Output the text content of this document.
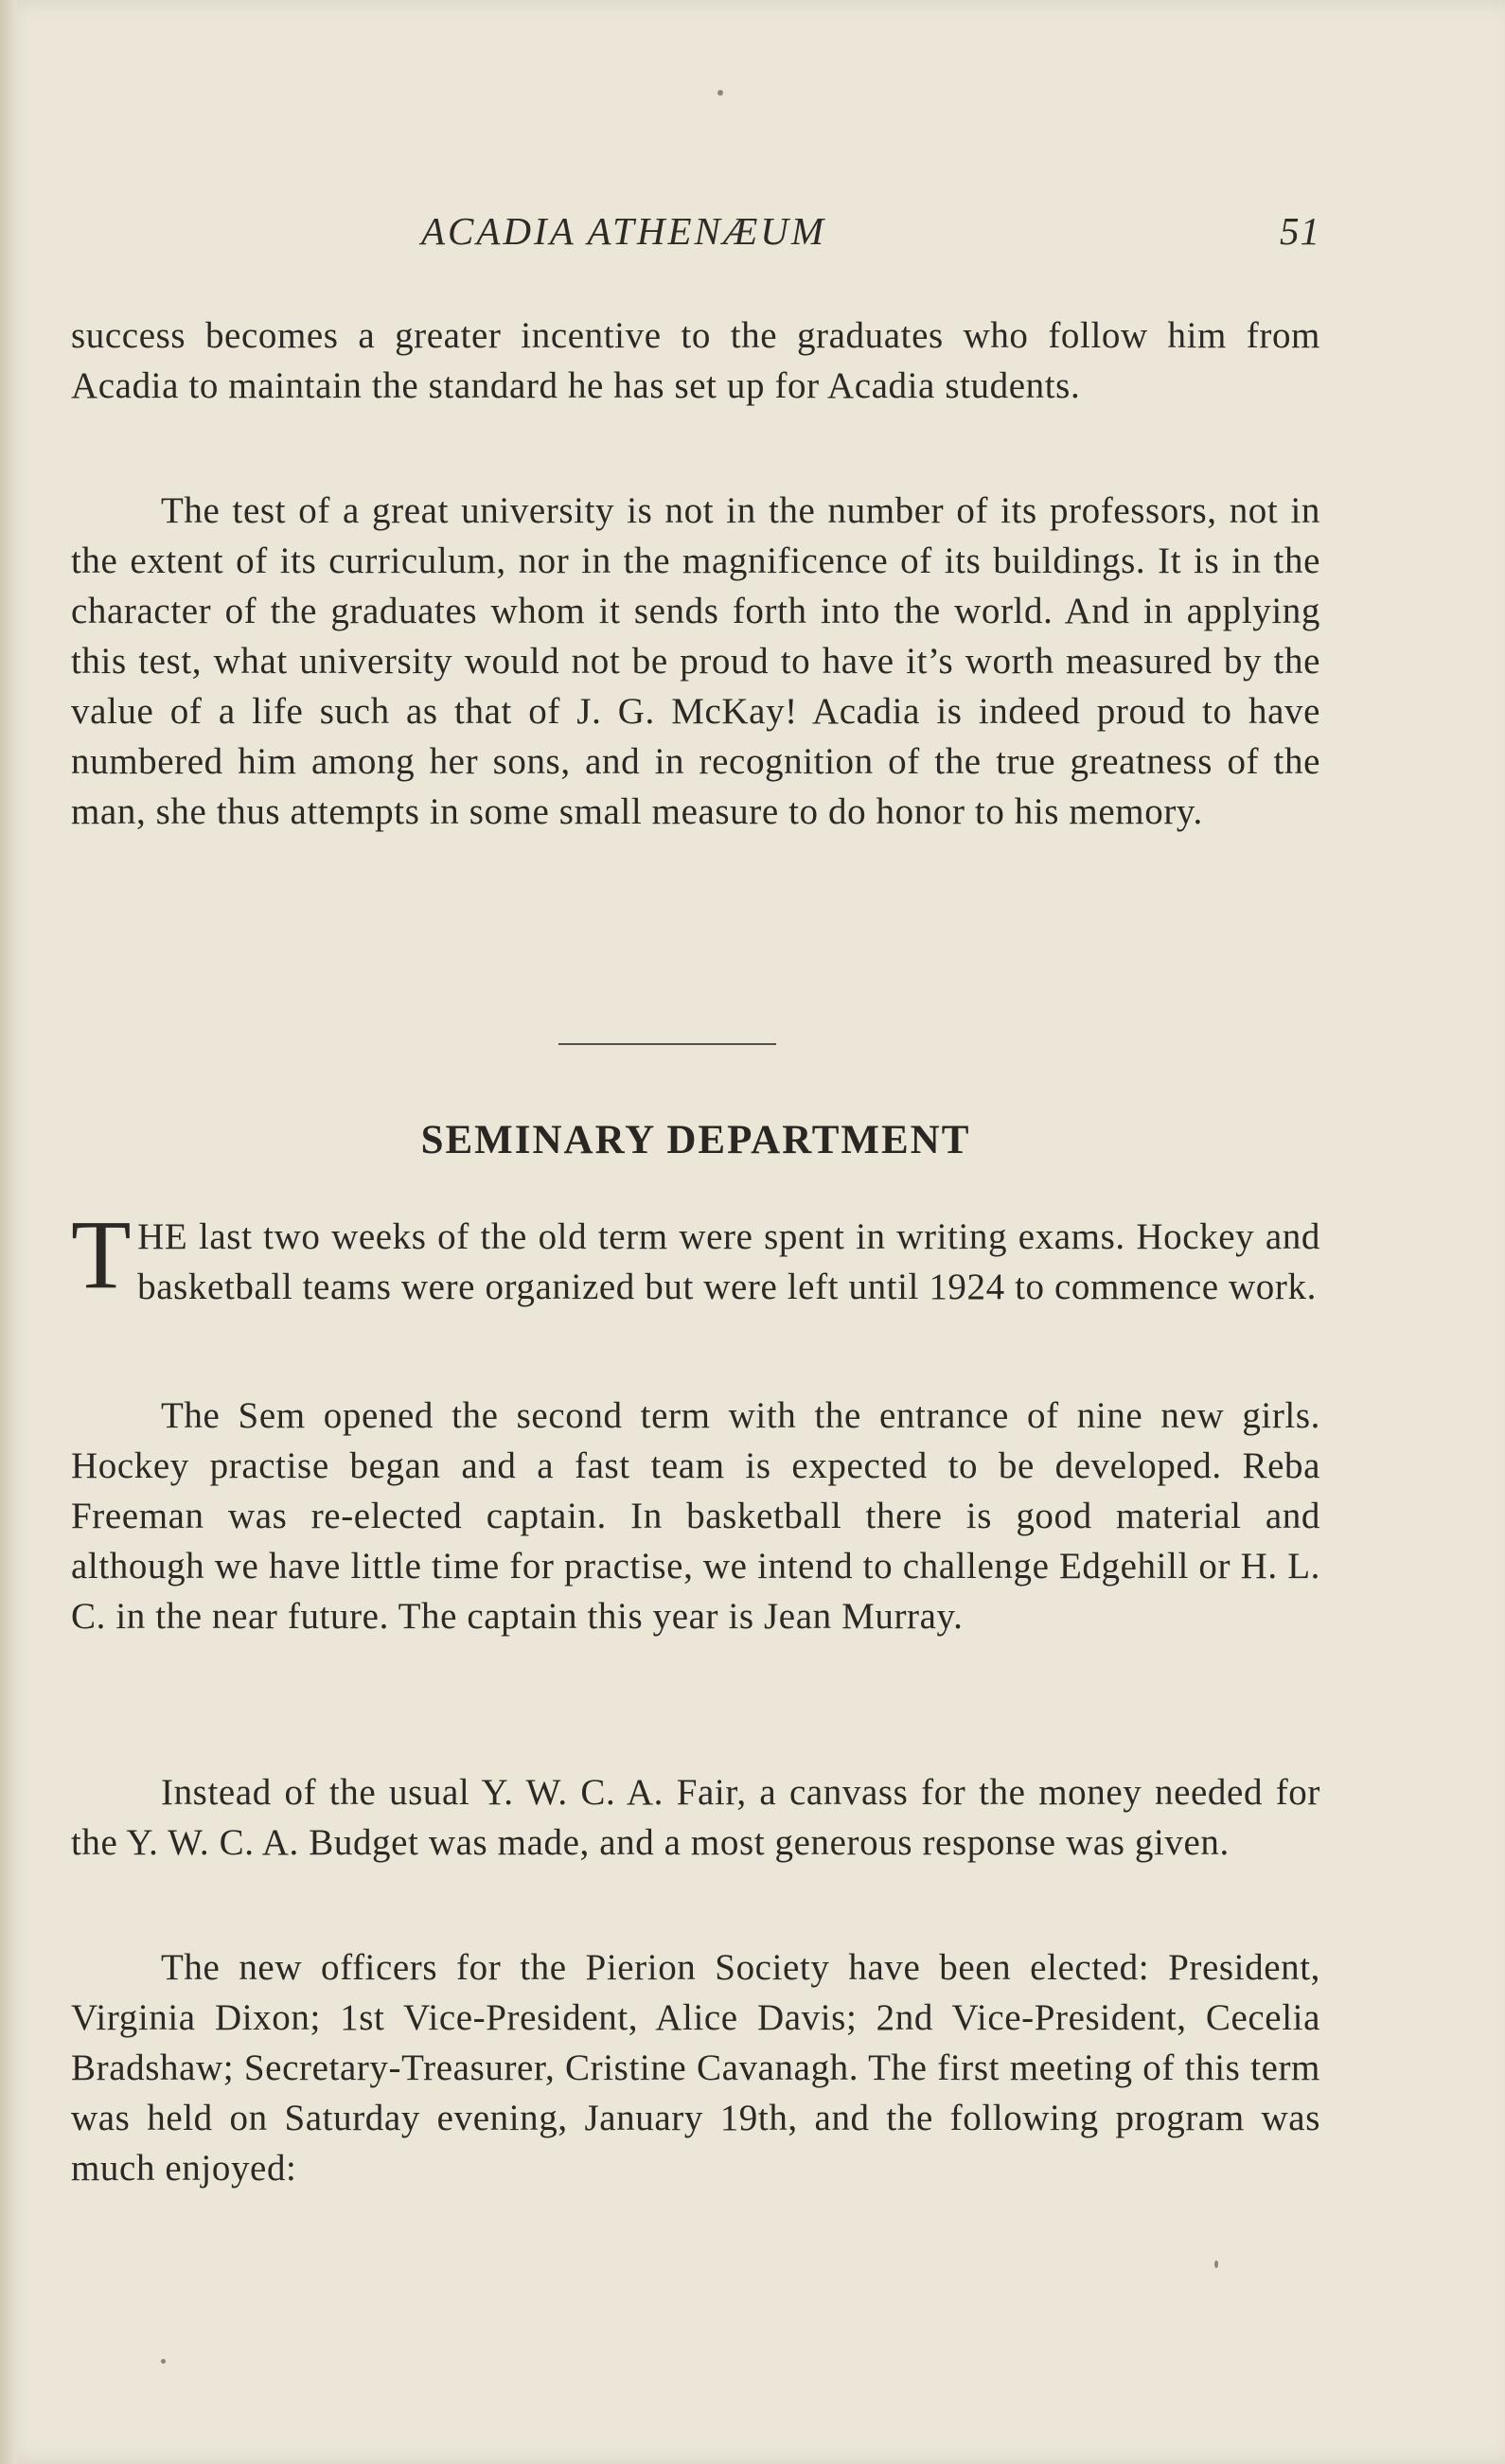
ACADIA ATHENÆUM	51

success becomes a greater incentive to the graduates who follow him from Acadia to maintain the standard he has set up for Acadia students.

The test of a great university is not in the number of its professors, not in the extent of its curriculum, nor in the magnificence of its buildings. It is in the character of the graduates whom it sends forth into the world. And in applying this test, what university would not be proud to have it’s worth measured by the value of a life such as that of J. G. McKay! Acadia is indeed proud to have numbered him among her sons, and in recognition of the true greatness of the man, she thus attempts in some small measure to do honor to his memory.

SEMINARY DEPARTMENT

THE last two weeks of the old term were spent in writing exams. Hockey and basketball teams were organized but were left until 1924 to commence work.

The Sem opened the second term with the entrance of nine new girls. Hockey practise began and a fast team is expected to be developed. Reba Freeman was re-elected captain. In basketball there is good material and although we have little time for practise, we intend to challenge Edgehill or H. L. C. in the near future. The captain this year is Jean Murray.

Instead of the usual Y. W. C. A. Fair, a canvass for the money needed for the Y. W. C. A. Budget was made, and a most generous response was given.

The new officers for the Pierion Society have been elected: President, Virginia Dixon; 1st Vice-President, Alice Davis; 2nd Vice-President, Cecelia Bradshaw; Secretary-Treasurer, Cristine Cavanagh. The first meeting of this term was held on Saturday evening, January 19th, and the following program was much enjoyed:
